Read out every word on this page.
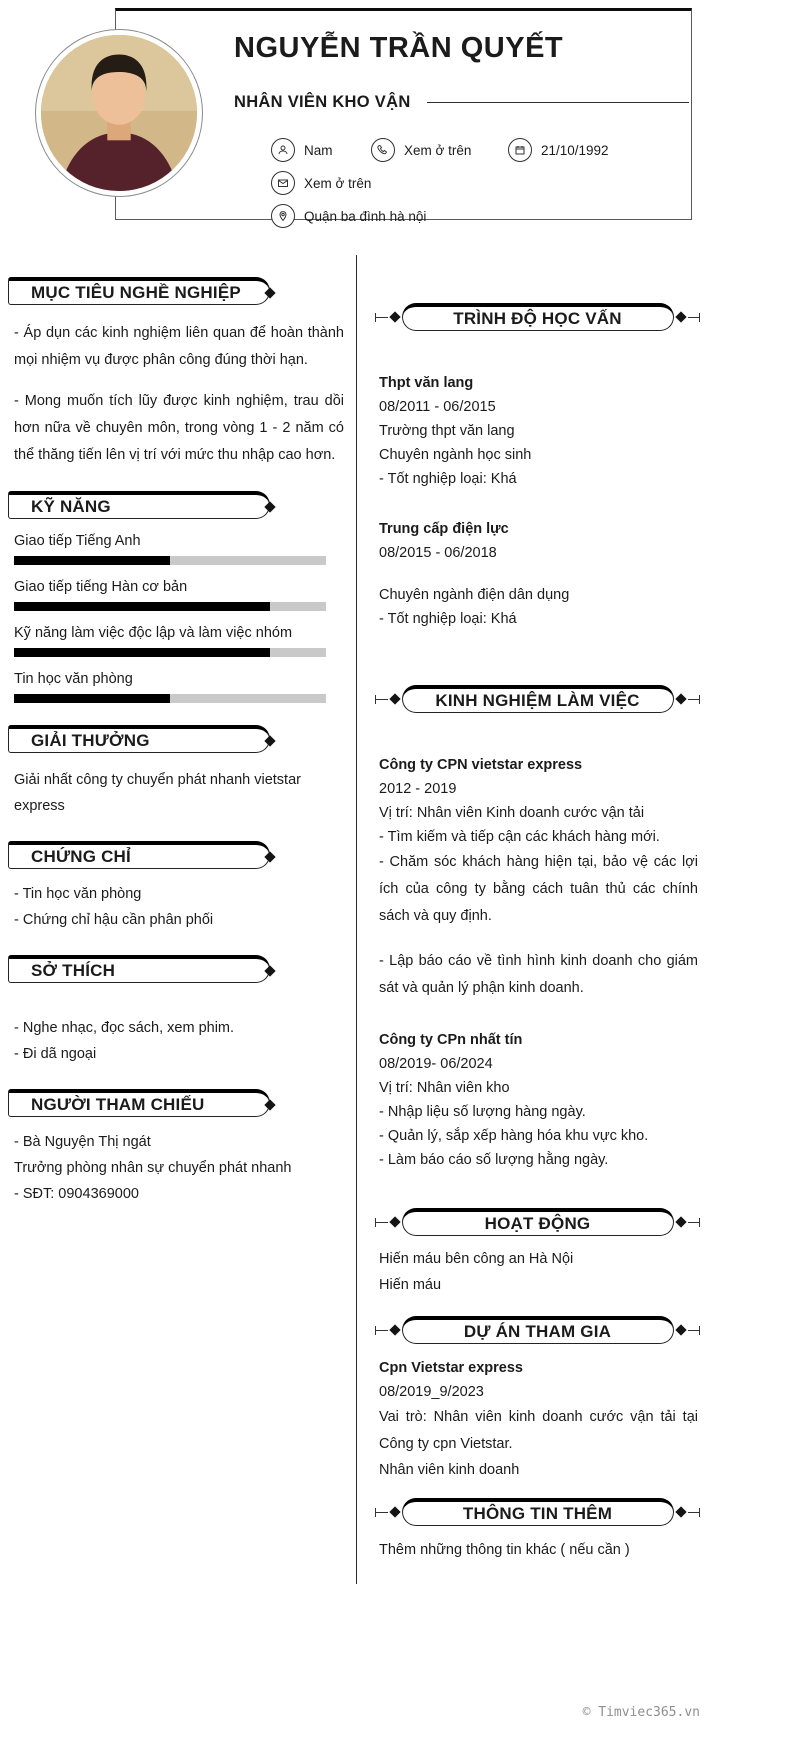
NGUYỄN TRẦN QUYẾT
NHÂN VIÊN KHO VẬN
Nam	Xem ở trên	21/10/1992
Xem ở trên
Quận ba đình hà nội
MỤC TIÊU NGHỀ NGHIỆP

- Áp dụn các kinh nghiệm liên quan để hoàn thành mọi nhiệm vụ được phân công đúng thời hạn.

- Mong muốn tích lũy được kinh nghiệm, trau dồi hơn nữa về chuyên môn, trong vòng 1 - 2 năm có thể thăng tiến lên vị trí với mức thu nhập cao hơn.

KỸ NĂNG
Giao tiếp Tiếng Anh
Giao tiếp tiếng Hàn cơ bản
Kỹ năng làm việc độc lập và làm việc nhóm
Tin học văn phòng
GIẢI THƯỞNG
Giải nhất công ty chuyển phát nhanh vietstar express
CHỨNG CHỈ
- Tin học văn phòng
- Chứng chỉ hậu cần phân phối
SỞ THÍCH
- Nghe nhạc, đọc sách, xem phim.
- Đi dã ngoại
NGƯỜI THAM CHIẾU
- Bà Nguyện Thị ngát
Trưởng phòng nhân sự chuyển phát nhanh
- SĐT: 0904369000
TRÌNH ĐỘ HỌC VẤN
Thpt văn lang
08/2011 - 06/2015
Trường thpt văn lang
Chuyên ngành học sinh
- Tốt nghiệp loại: Khá
Trung cấp điện lực
08/2015 - 06/2018
Chuyên ngành điện dân dụng
- Tốt nghiệp loại: Khá
KINH NGHIỆM LÀM VIỆC
Công ty CPN vietstar express
2012 - 2019
Vị trí: Nhân viên Kinh doanh cước vận tải
- Tìm kiếm và tiếp cận các khách hàng mới.
- Chăm sóc khách hàng hiện tại, bảo vệ các lợi ích của công ty bằng cách tuân thủ các chính sách và quy định.
- Lập báo cáo về tình hình kinh doanh cho giám sát và quản lý phận kinh doanh.
Công ty CPn nhất tín
08/2019- 06/2024
Vị trí: Nhân viên kho
- Nhập liệu số lượng hàng ngày.
- Quản lý, sắp xếp hàng hóa khu vực kho.
- Làm báo cáo số lượng hằng ngày.
HOẠT ĐỘNG
Hiến máu bên công an Hà Nội
Hiến máu
DỰ ÁN THAM GIA
Cpn Vietstar express
08/2019_9/2023
Vai trò: Nhân viên kinh doanh cước vận tải tại Công ty cpn Vietstar.
Nhân viên kinh doanh
THÔNG TIN THÊM
Thêm những thông tin khác ( nếu cần )
© Timviec365.vn
